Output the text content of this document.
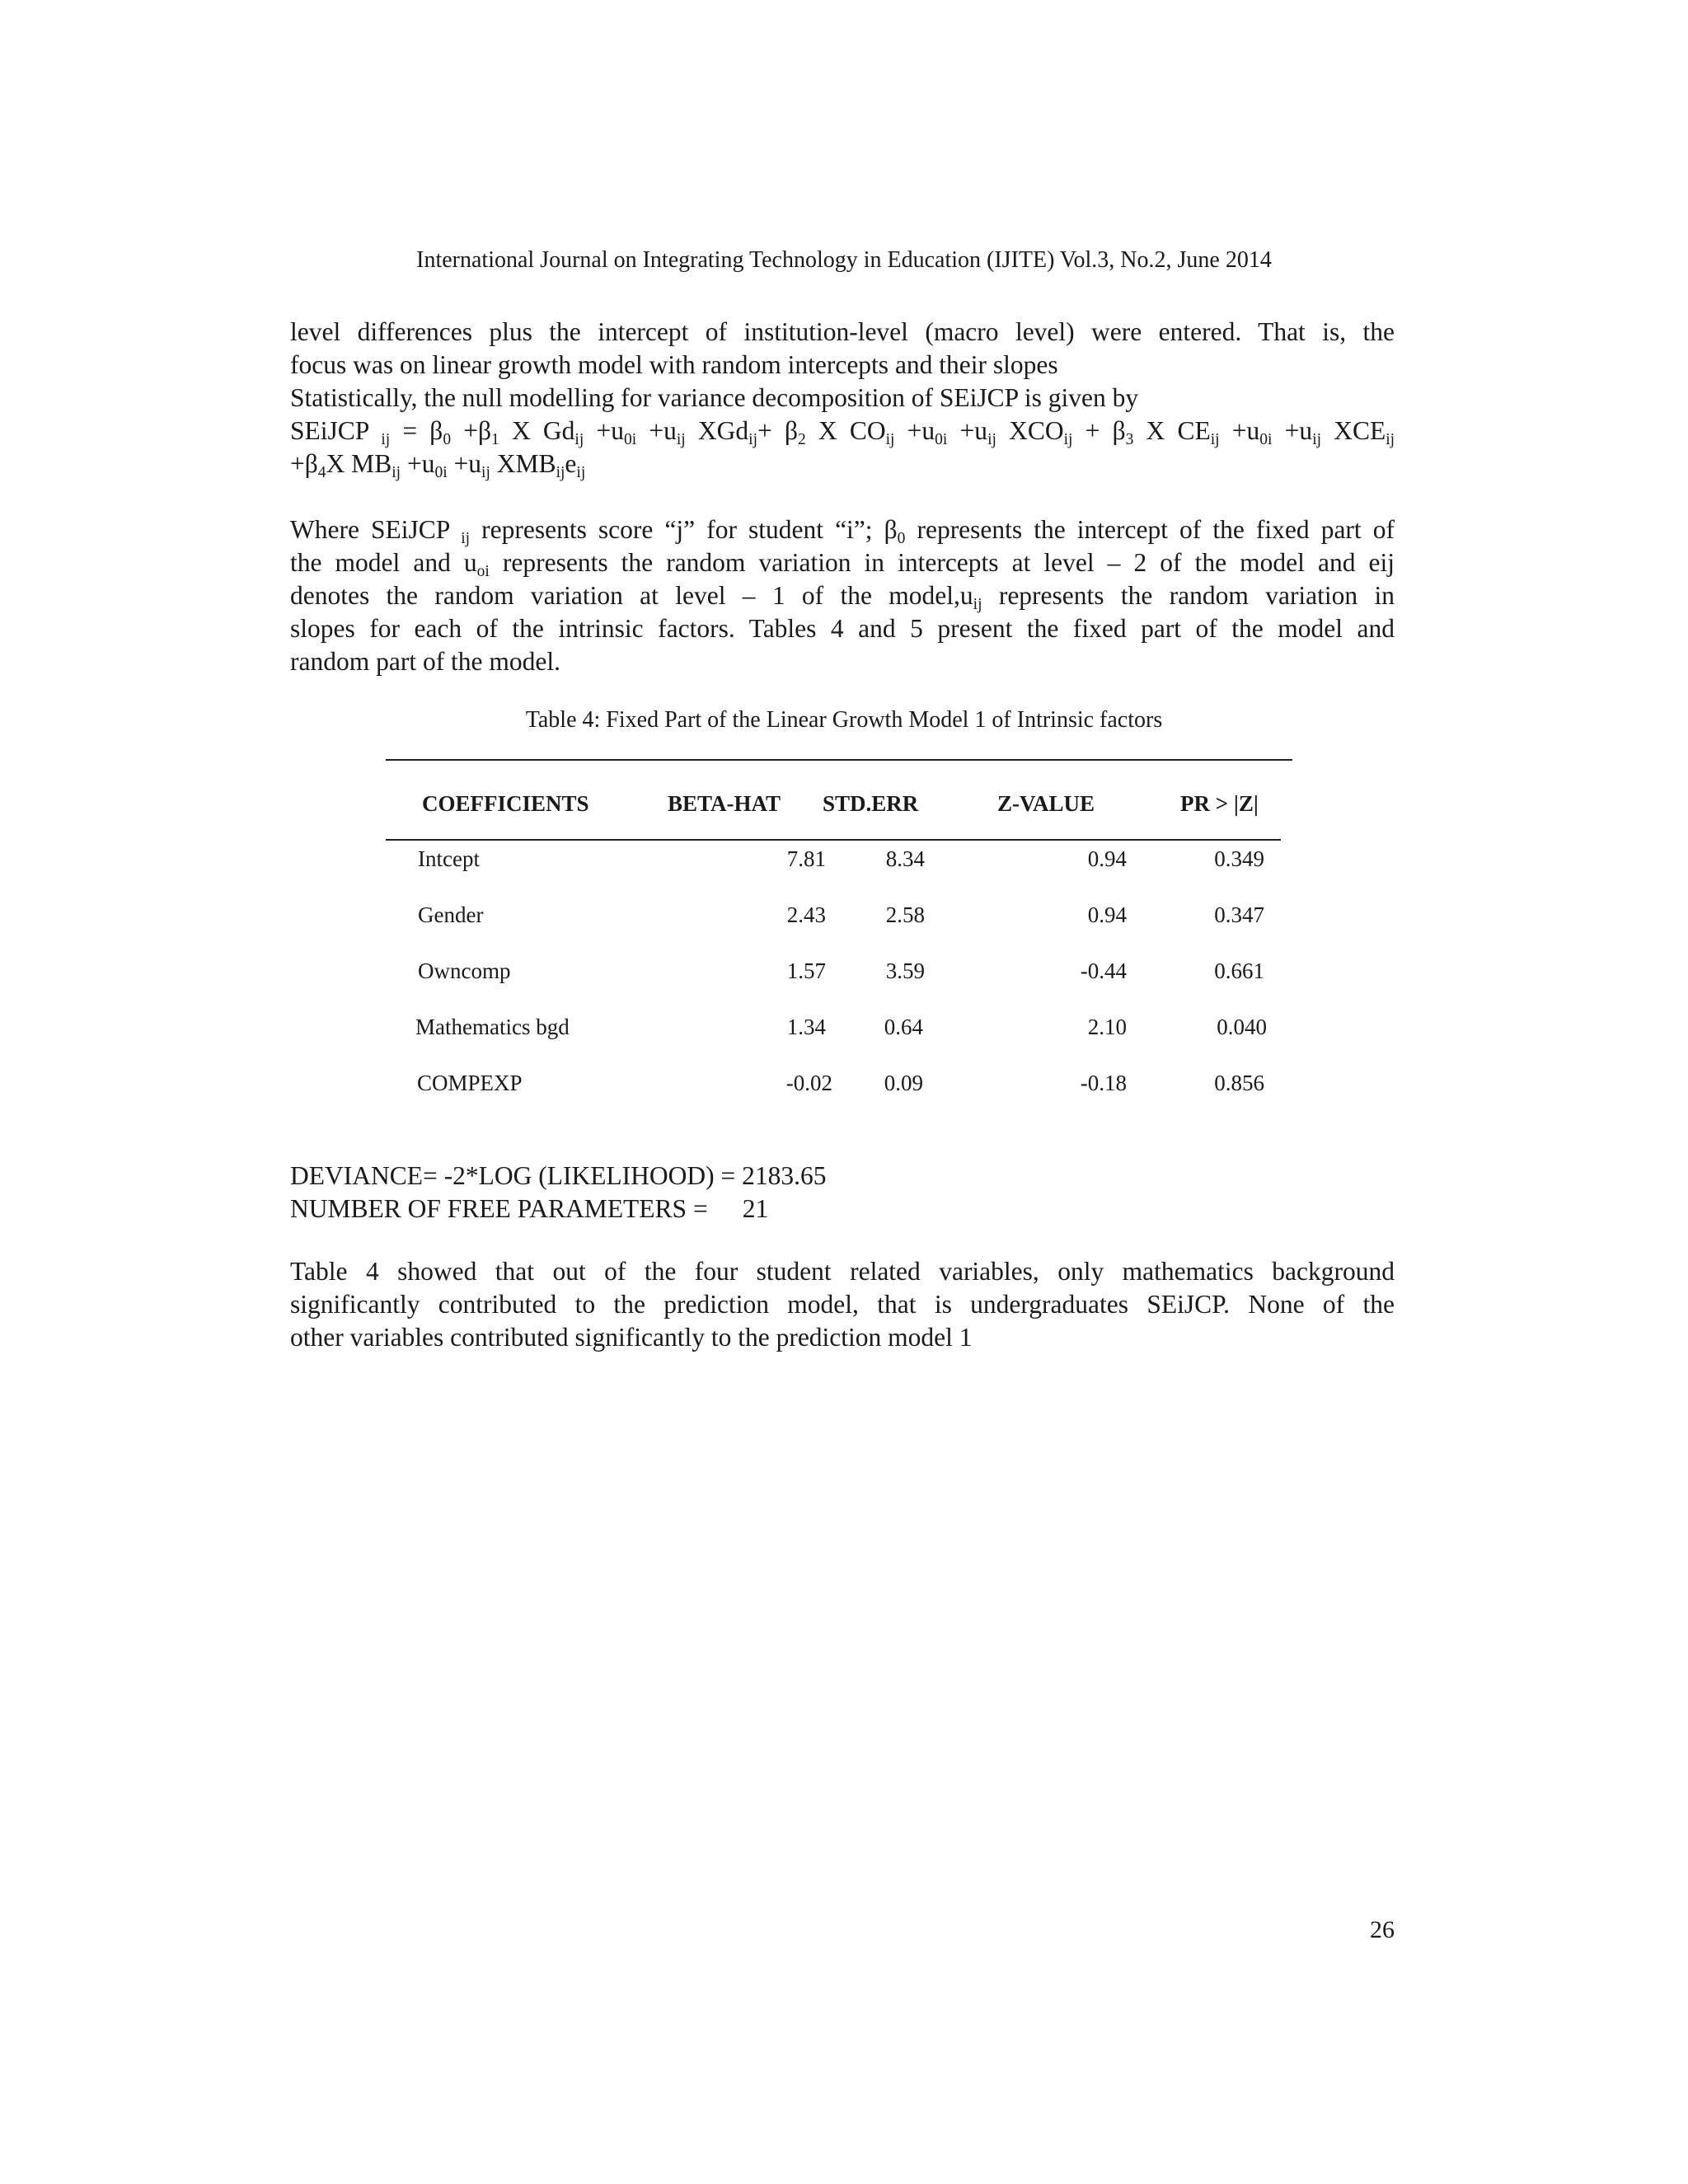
International Journal on Integrating Technology in Education (IJITE) Vol.3, No.2, June 2014
level differences plus the intercept of institution-level (macro level) were entered. That is, the
focus was on linear growth model with random intercepts and their slopes
Statistically, the null modelling for variance decomposition of SEiJCP is given by
SEiJCP $_{ij} = \beta_0 +\beta_1$ X $Gd_{ij} +u_{0i} +u_{ij}$ $XGd_{ij}+ \beta_2$ X $CO_{ij} +u_{0i} +u_{ij}$ $XCO_{ij} + \beta_3$ X $CE_{ij} +u_{0i} +u_{ij}$ $XCE_{ij}$
$+\beta_4X$ $MB_{ij} +u_{0i} +u_{ij}$ $XMB_{ij}e_{ij}$
Where SEiJCP $_{ij}$ represents score “j” for student “i”; $\beta_0$ represents the intercept of the fixed part of
the model and $u_{oi}$ represents the random variation in intercepts at level – 2 of the model and eij
denotes the random variation at level – 1 of the $model,u_{ij}$ represents the random variation in
slopes for each of the intrinsic factors. Tables 4 and 5 present the fixed part of the model and
random part of the model.
Table 4: Fixed Part of the Linear Growth Model 1 of Intrinsic factors
COEFFICIENTS	BETA-HAT STD.ERR	Z-VALUE	PR > |Z|
Intcept	7.81	8.34	0.94	0.349
Gender	2.43	2.58	0.94	0.347
Owncomp	1.57	3.59	-0.44	0.661
Mathematics bgd	1.34	0.64	2.10	0.040
COMPEXP	-0.02	0.09	-0.18	0.856
DEVIANCE= -2*LOG (LIKELIHOOD) = 2183.65
NUMBER OF FREE PARAMETERS = 21
Table 4 showed that out of the four student related variables, only mathematics background
significantly contributed to the prediction model, that is undergraduates SEiJCP. None of the
other variables contributed significantly to the prediction model 1
26
